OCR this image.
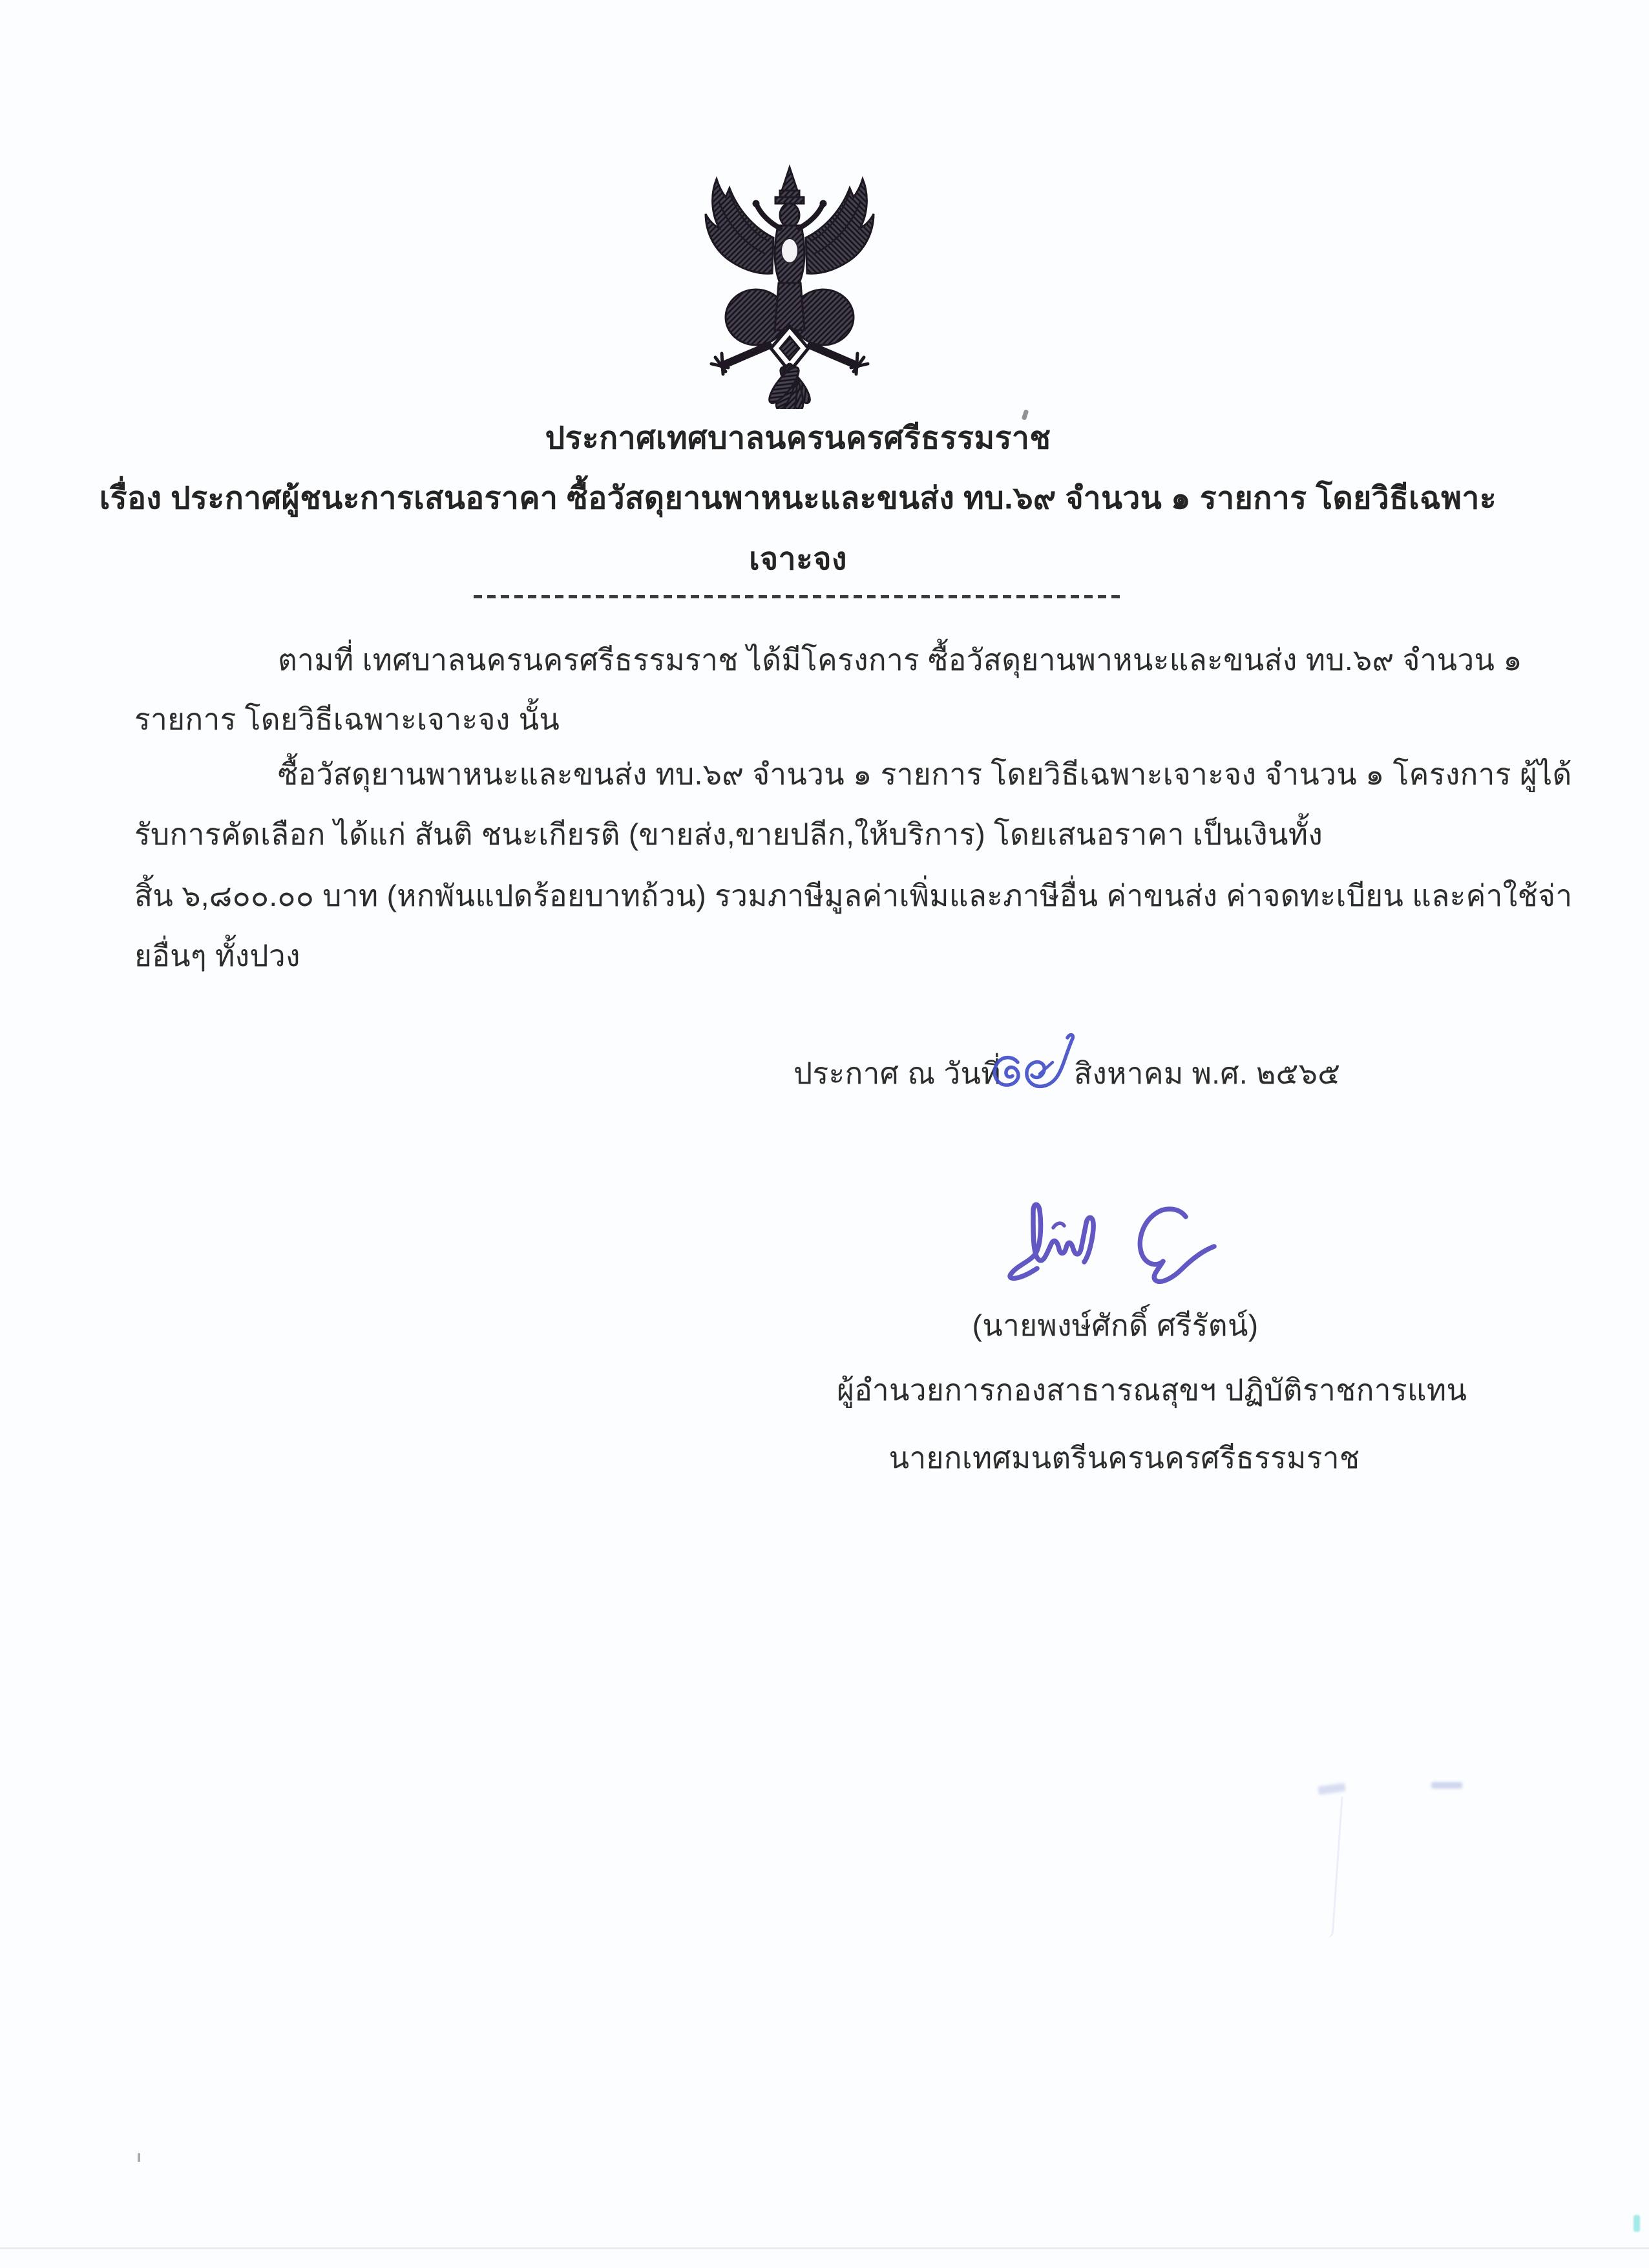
ประกาศเทศบาลนครนครศรีธรรมราช
เรื่อง ประกาศผู้ชนะการเสนอราคา ซื้อวัสดุยานพาหนะและขนส่ง ทบ.๖๙ จำนวน ๑ รายการ โดยวิธีเฉพาะ
เจาะจง
ตามที่ เทศบาลนครนครศรีธรรมราช ได้มีโครงการ ซื้อวัสดุยานพาหนะและขนส่ง ทบ.๖๙ จำนวน ๑
รายการ โดยวิธีเฉพาะเจาะจง นั้น
ซื้อวัสดุยานพาหนะและขนส่ง ทบ.๖๙ จำนวน ๑ รายการ โดยวิธีเฉพาะเจาะจง จำนวน ๑ โครงการ ผู้ได้
รับการคัดเลือก ได้แก่ สันติ ชนะเกียรติ (ขายส่ง,ขายปลีก,ให้บริการ) โดยเสนอราคา เป็นเงินทั้ง
สิ้น ๖,๘๐๐.๐๐ บาท (หกพันแปดร้อยบาทถ้วน) รวมภาษีมูลค่าเพิ่มและภาษีอื่น ค่าขนส่ง ค่าจดทะเบียน และค่าใช้จ่า
ยอื่นๆ ทั้งปวง
ประกาศ ณ วันที่ สิงหาคม พ.ศ. ๒๕๖๕
(นายพงษ์ศักดิ์ ศรีรัตน์)
ผู้อำนวยการกองสาธารณสุขฯ ปฏิบัติราชการแทน
นายกเทศมนตรีนครนครศรีธรรมราช
